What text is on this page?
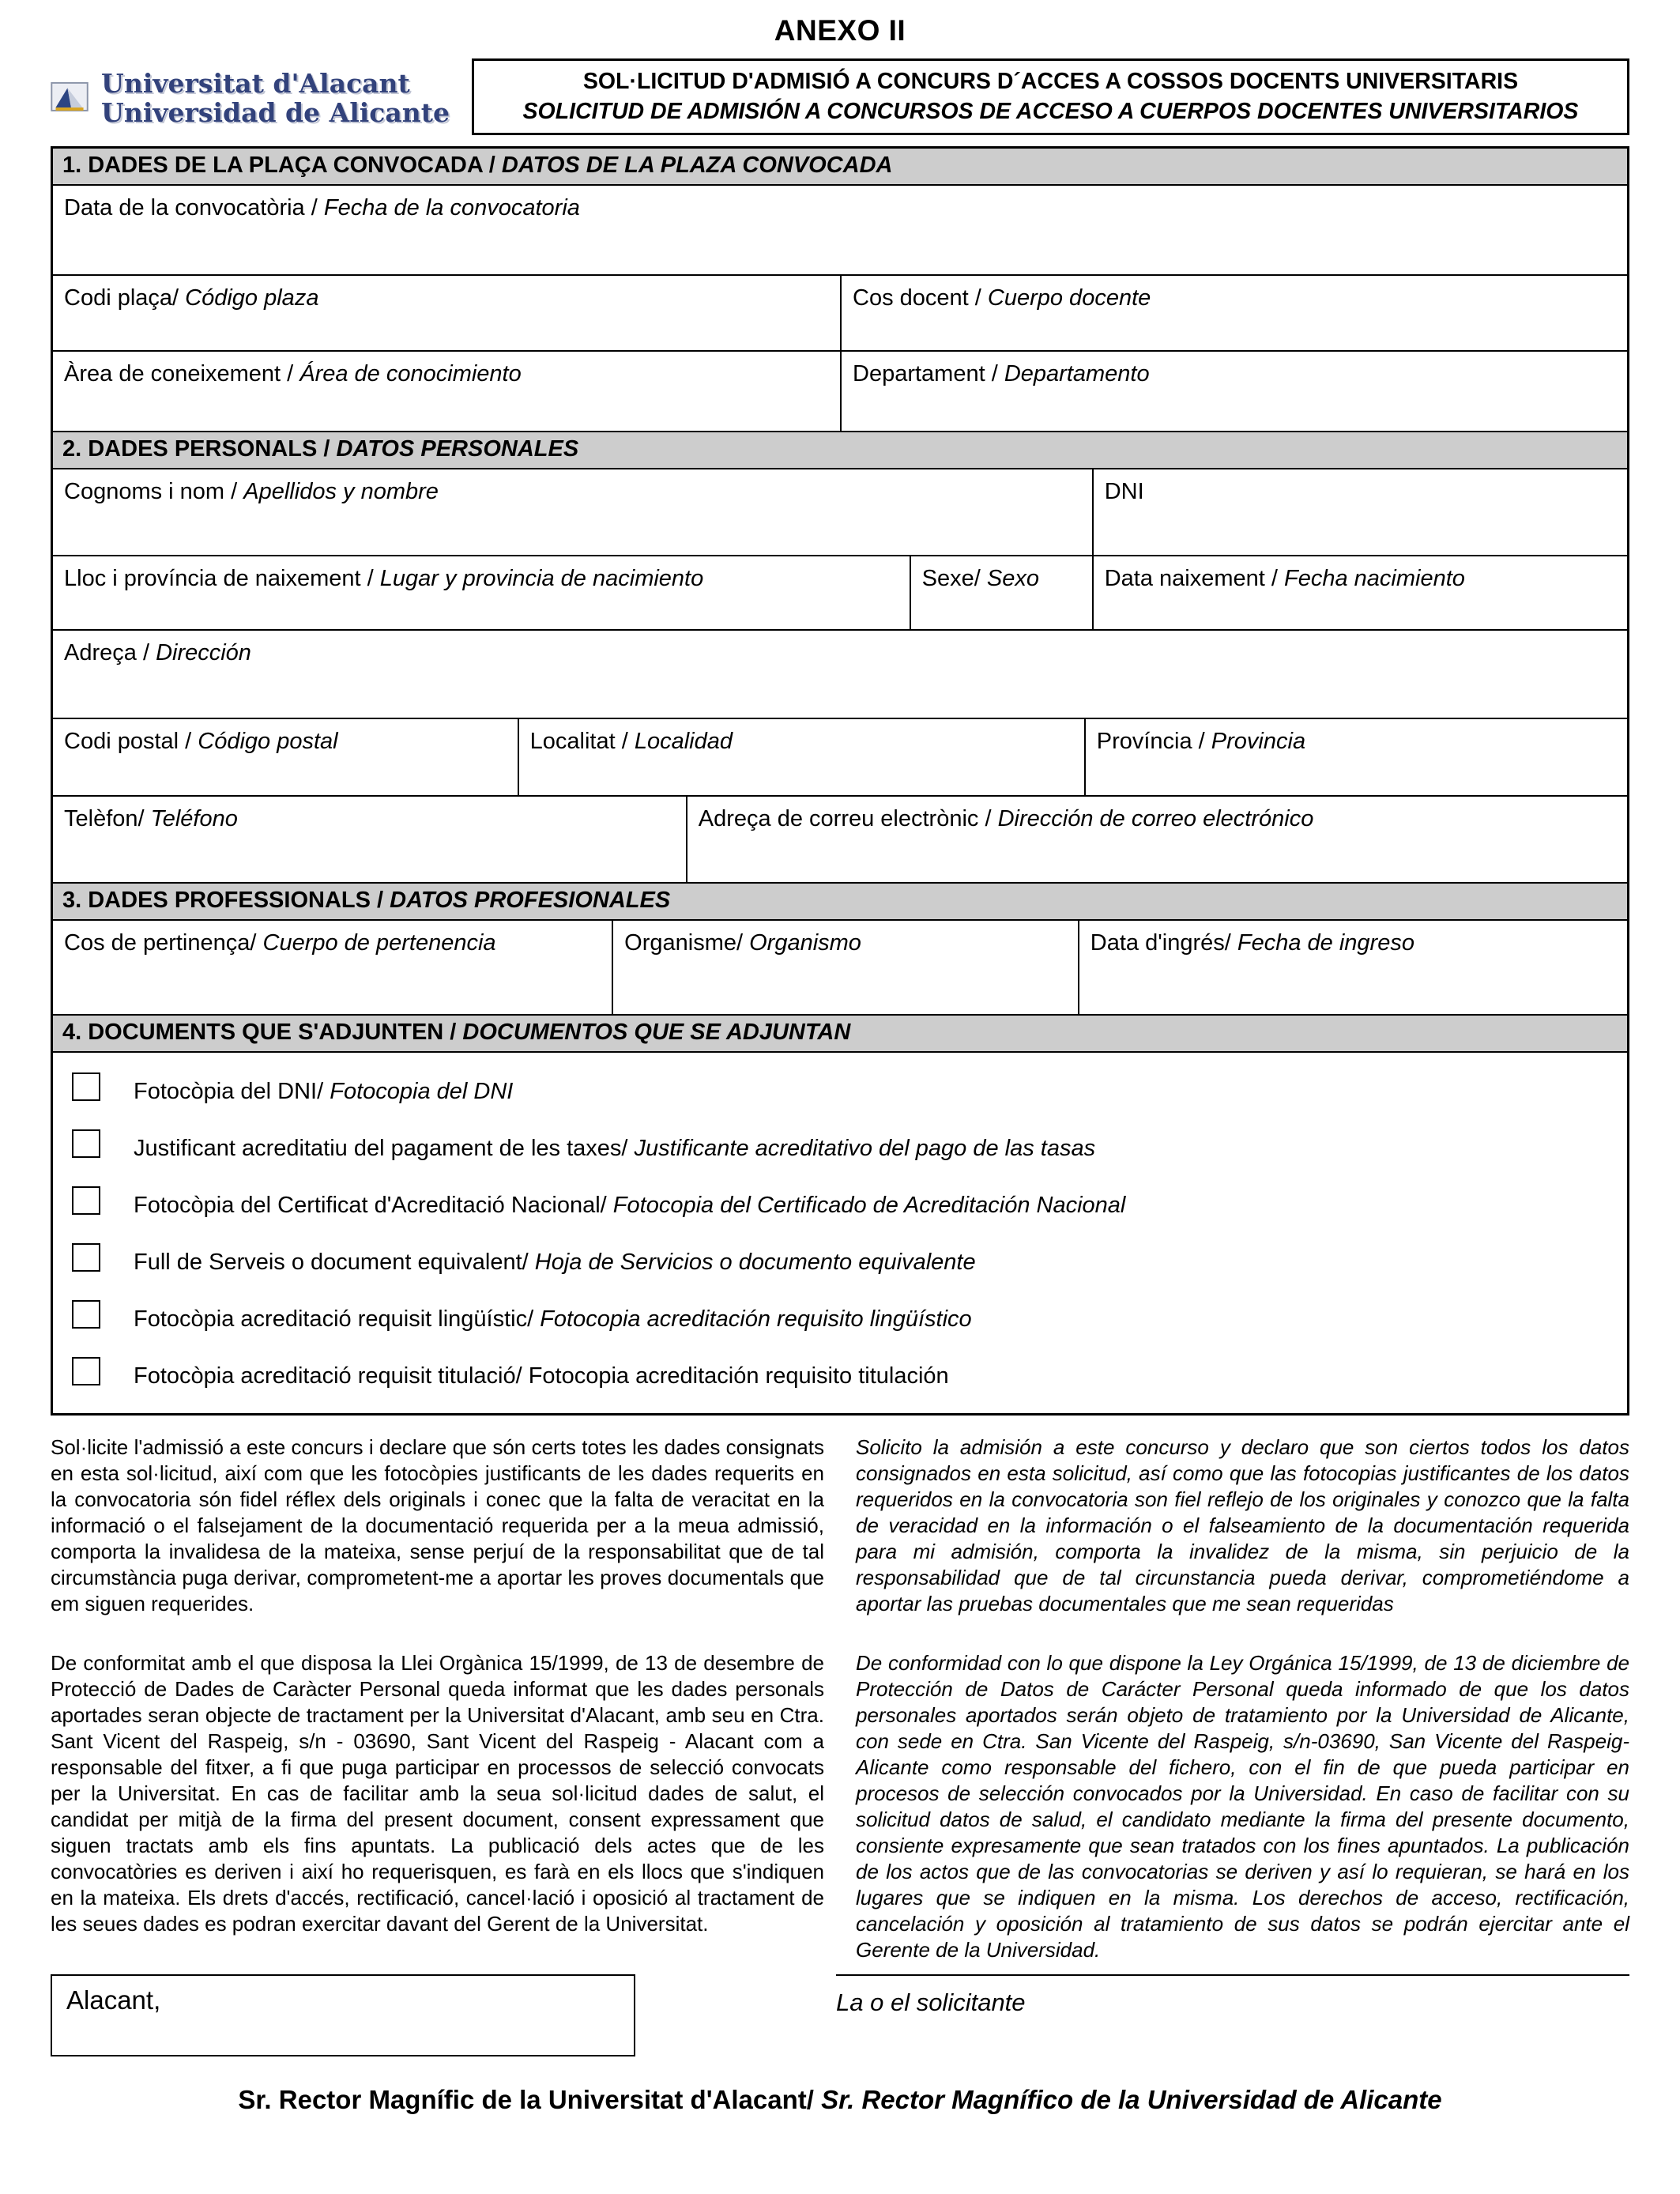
ANEXO II
Universitat d'Alacant
Universidad de Alicante
SOL·LICITUD D'ADMISIÓ A CONCURS D´ACCES A COSSOS DOCENTS UNIVERSITARIS
SOLICITUD DE ADMISIÓN A CONCURSOS DE ACCESO A CUERPOS DOCENTES UNIVERSITARIOS
1. DADES DE LA PLAÇA CONVOCADA / DATOS DE LA PLAZA CONVOCADA
Data de la convocatòria / Fecha de la convocatoria
Codi plaça/ Código plaza	Cos docent / Cuerpo docente
Àrea de coneixement / Área de conocimiento	Departament / Departamento
2. DADES PERSONALS / DATOS PERSONALES
Cognoms i nom / Apellidos y nombre	DNI
Lloc i província de naixement / Lugar y provincia de nacimiento	Sexe/ Sexo	Data naixement / Fecha nacimiento
Adreça / Dirección
Codi postal / Código postal	Localitat / Localidad	Província / Provincia
Telèfon/ Teléfono	Adreça de correu electrònic / Dirección de correo electrónico
3. DADES PROFESSIONALS / DATOS PROFESIONALES
Cos de pertinença/ Cuerpo de pertenencia	Organisme/ Organismo	Data d'ingrés/ Fecha de ingreso
4. DOCUMENTS QUE S'ADJUNTEN / DOCUMENTOS QUE SE ADJUNTAN
Fotocòpia del DNI/ Fotocopia del DNI
Justificant acreditatiu del pagament de les taxes/ Justificante acreditativo del pago de las tasas
Fotocòpia del Certificat d'Acreditació Nacional/ Fotocopia del Certificado de Acreditación Nacional
Full de Serveis o document equivalent/ Hoja de Servicios o documento equivalente
Fotocòpia acreditació requisit lingüístic/ Fotocopia acreditación requisito lingüístico
Fotocòpia acreditació requisit titulació/ Fotocopia acreditación requisito titulación

Sol·licite l'admissió a este concurs i declare que són certs totes les dades consignats en esta sol·licitud, així com que les fotocòpies justificants de les dades requerits en la convocatoria són fidel réflex dels originals i conec que la falta de veracitat en la informació o el falsejament de la documentació requerida per a la meua admissió, comporta la invalidesa de la mateixa, sense perjuí de la responsabilitat que de tal circumstància puga derivar, comprometent-me a aportar les proves documentals que em siguen requerides.

De conformitat amb el que disposa la Llei Orgànica 15/1999, de 13 de desembre de Protecció de Dades de Caràcter Personal queda informat que les dades personals aportades seran objecte de tractament per la Universitat d'Alacant, amb seu en Ctra. Sant Vicent del Raspeig, s/n - 03690, Sant Vicent del Raspeig - Alacant com a responsable del fitxer, a fi que puga participar en processos de selecció convocats per la Universitat. En cas de facilitar amb la seua sol·licitud dades de salut, el candidat per mitjà de la firma del present document, consent expressament que siguen tractats amb els fins apuntats. La publicació dels actes que de les convocatòries es deriven i així ho requerisquen, es farà en els llocs que s'indiquen en la mateixa. Els drets d'accés, rectificació, cancel·lació i oposició al tractament de les seues dades es podran exercitar davant del Gerent de la Universitat.

Solicito la admisión a este concurso y declaro que son ciertos todos los datos consignados en esta solicitud, así como que las fotocopias justificantes de los datos requeridos en la convocatoria son fiel reflejo de los originales y conozco que la falta de veracidad en la información o el falseamiento de la documentación requerida para mi admisión, comporta la invalidez de la misma, sin perjuicio de la responsabilidad que de tal circunstancia pueda derivar, comprometiéndome a aportar las pruebas documentales que me sean requeridas

De conformidad con lo que dispone la Ley Orgánica 15/1999, de 13 de diciembre de Protección de Datos de Carácter Personal queda informado de que los datos personales aportados serán objeto de tratamiento por la Universidad de Alicante, con sede en Ctra. San Vicente del Raspeig, s/n-03690, San Vicente del Raspeig-Alicante como responsable del fichero, con el fin de que pueda participar en procesos de selección convocados por la Universidad. En caso de facilitar con su solicitud datos de salud, el candidato mediante la firma del presente documento, consiente expresamente que sean tratados con los fines apuntados. La publicación de los actos que de las convocatorias se deriven y así lo requieran, se hará en los lugares que se indiquen en la misma. Los derechos de acceso, rectificación, cancelación y oposición al tratamiento de sus datos se podrán ejercitar ante el Gerente de la Universidad.

Alacant,	La o el solicitante
Sr. Rector Magnífic de la Universitat d'Alacant/ Sr. Rector Magnífico de la Universidad de Alicante
